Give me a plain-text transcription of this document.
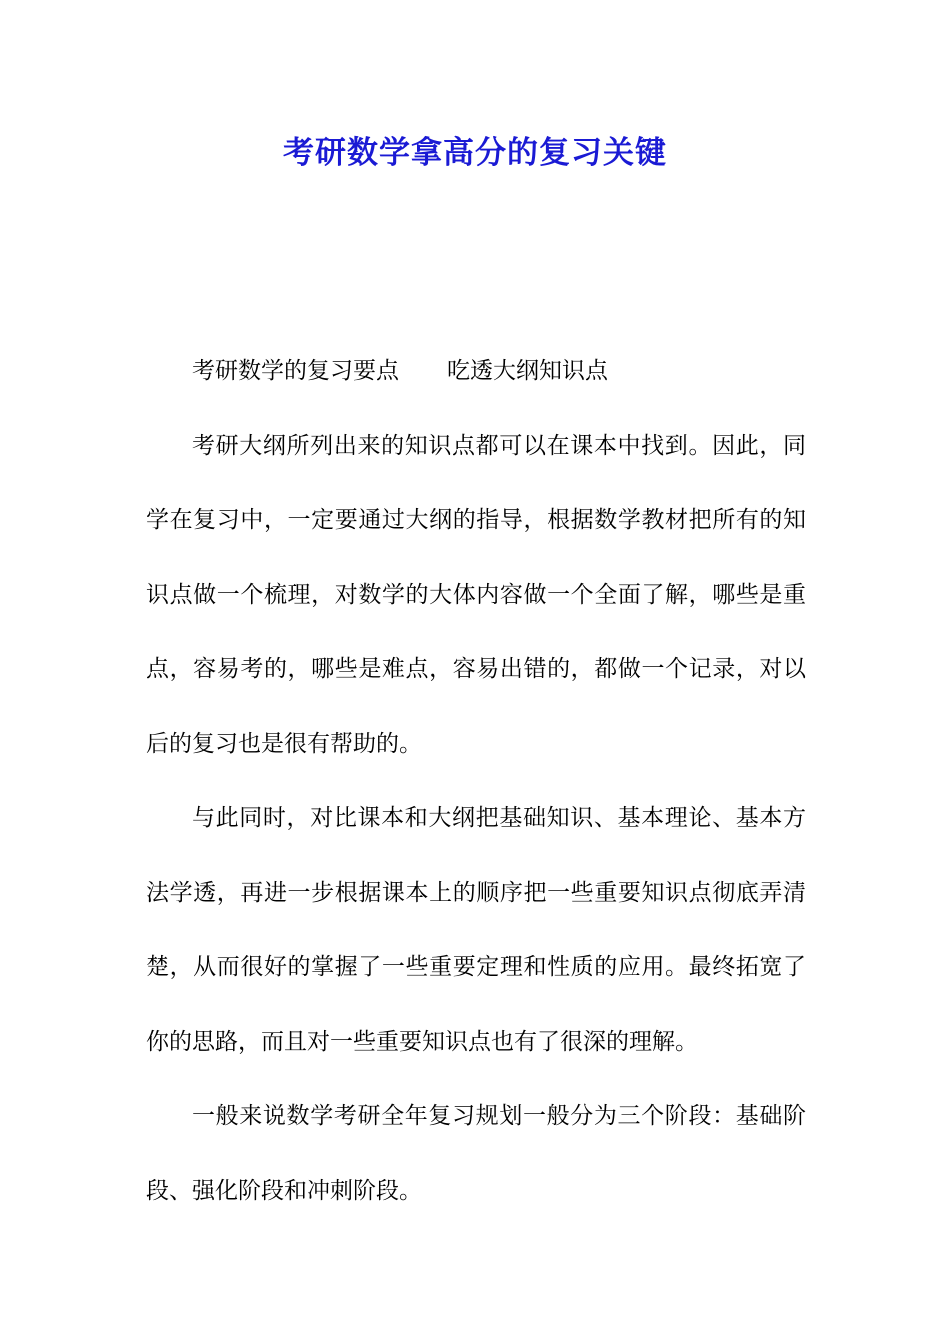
考研数学拿高分的复习关键

考研数学的复习要点 吃透大纲知识点

考研大纲所列出来的知识点都可以在课本中找到。因此，同学在复习中，一定要通过大纲的指导，根据数学教材把所有的知识点做一个梳理，对数学的大体内容做一个全面了解，哪些是重点，容易考的，哪些是难点，容易出错的，都做一个记录，对以后的复习也是很有帮助的。

与此同时，对比课本和大纲把基础知识、基本理论、基本方法学透，再进一步根据课本上的顺序把一些重要知识点彻底弄清楚，从而很好的掌握了一些重要定理和性质的应用。最终拓宽了你的思路，而且对一些重要知识点也有了很深的理解。

一般来说数学考研全年复习规划一般分为三个阶段：基础阶段、强化阶段和冲刺阶段。
